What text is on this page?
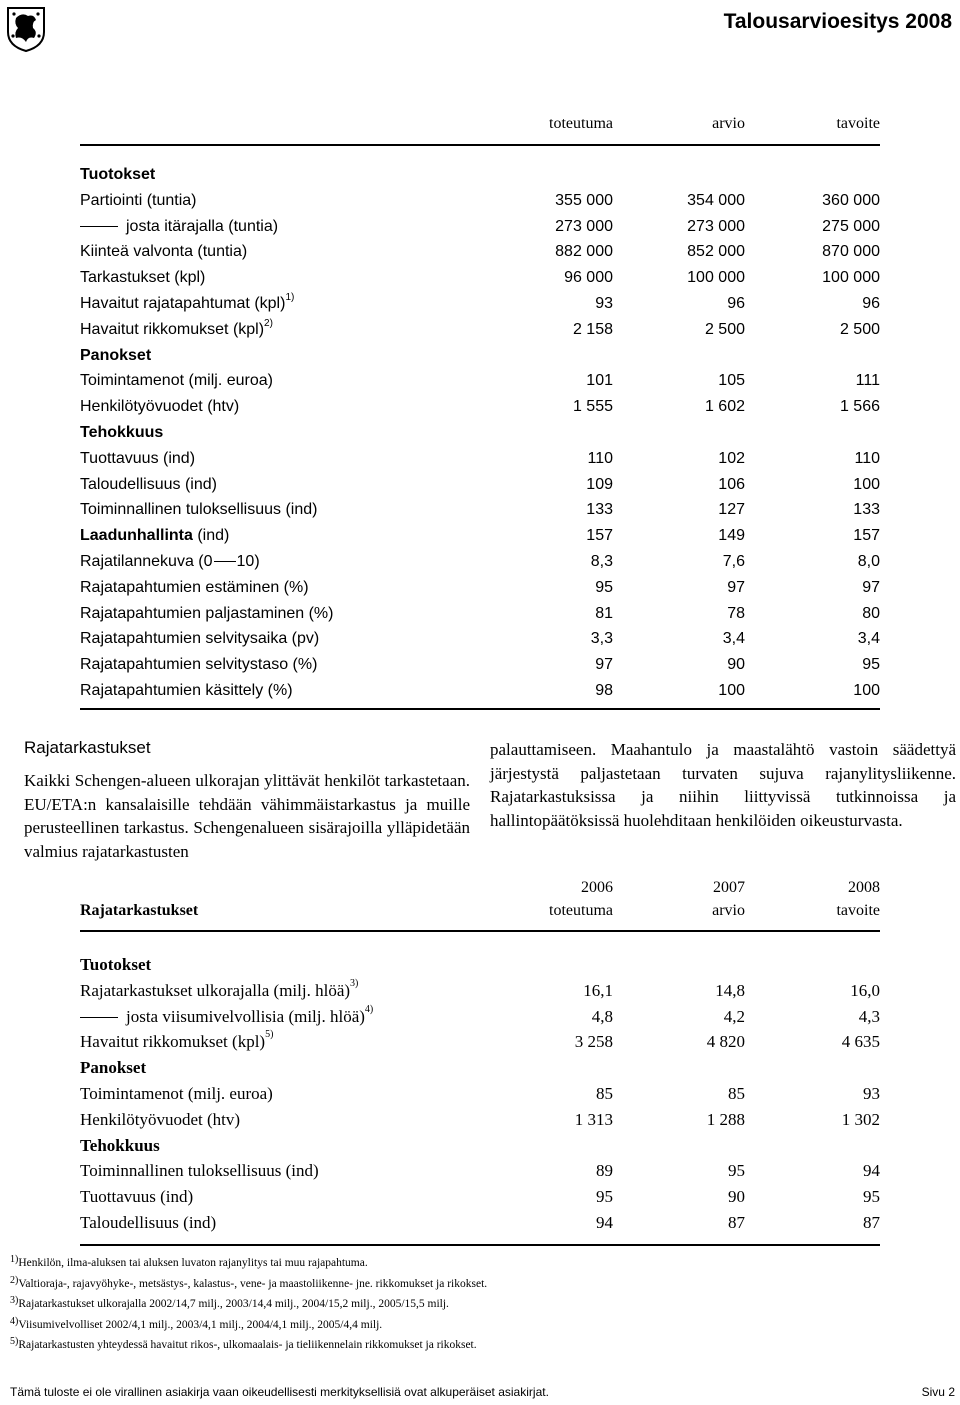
Talousarvioesitys 2008
toteutuma	arvio	tavoite
Tuotokset
Partiointi (tuntia)	355 000	354 000	360 000
josta itärajalla (tuntia)	273 000	273 000	275 000
Kiinteä valvonta (tuntia)	882 000	852 000	870 000
Tarkastukset (kpl)	96 000	100 000	100 000
Havaitut rajatapahtumat (kpl)$^{1)}$	93	96	96
Havaitut rikkomukset (kpl)$^{2)}$	2 158	2 500	2 500
Panokset
Toimintamenot (milj. euroa)	101	105	111
Henkilötyövuodet (htv)	1 555	1 602	1 566
Tehokkuus
Tuottavuus (ind)	110	102	110
Taloudellisuus (ind)	109	106	100
Toiminnallinen tuloksellisuus (ind)	133	127	133
Laadunhallinta (ind)	157	149	157
Rajatilannekuva (0 10)	8,3	7,6	8,0
Rajatapahtumien estäminen (%)	95	97	97
Rajatapahtumien paljastaminen (%)	81	78	80
Rajatapahtumien selvitysaika (pv)	3,3	3,4	3,4
Rajatapahtumien selvitystaso (%)	97	90	95
Rajatapahtumien käsittely (%)	98	100	100
Rajatarkastukset
Kaikki Schengen-alueen ulkorajan ylittävät henkilöt tarkastetaan. EU/ETA:n kansalaisille tehdään vähimmäistarkastus ja muille perusteellinen tarkastus. Schengenalueen sisärajoilla ylläpidetään valmius rajatarkastusten
palauttamiseen. Maahantulo ja maastalähtö vastoin säädettyä järjestystä paljastetaan turvaten sujuva rajanylitysliikenne. Rajatarkastuksissa ja niihin liittyvissä tutkinnoissa ja hallintopäätöksissä huolehditaan henkilöiden oikeusturvasta.
2006	2007	2008
Rajatarkastukset	toteutuma	arvio	tavoite
Tuotokset
Rajatarkastukset ulkorajalla (milj. hlöä)$^{3)}$	16,1	14,8	16,0
josta viisumivelvollisia (milj. hlöä)$^{4)}$	4,8	4,2	4,3
Havaitut rikkomukset (kpl)$^{5)}$	3 258	4 820	4 635
Panokset
Toimintamenot (milj. euroa)	85	85	93
Henkilötyövuodet (htv)	1 313	1 288	1 302
Tehokkuus
Toiminnallinen tuloksellisuus (ind)	89	95	94
Tuottavuus (ind)	95	90	95
Taloudellisuus (ind)	94	87	87
$^{1)}$Henkilön, ilma-aluksen tai aluksen luvaton rajanylitys tai muu rajapahtuma.
$^{2)}$Valtioraja-, rajavyöhyke-, metsästys-, kalastus-, vene- ja maastoliikenne- jne. rikkomukset ja rikokset.
$^{3)}$Rajatarkastukset ulkorajalla 2002/14,7 milj., 2003/14,4 milj., 2004/15,2 milj., 2005/15,5 milj.
$^{4)}$Viisumivelvolliset 2002/4,1 milj., 2003/4,1 milj., 2004/4,1 milj., 2005/4,4 milj.
$^{5)}$Rajatarkastusten yhteydessä havaitut rikos-, ulkomaalais- ja tieliikennelain rikkomukset ja rikokset.
Tämä tuloste ei ole virallinen asiakirja vaan oikeudellisesti merkityksellisiä ovat alkuperäiset asiakirjat.	Sivu 2
